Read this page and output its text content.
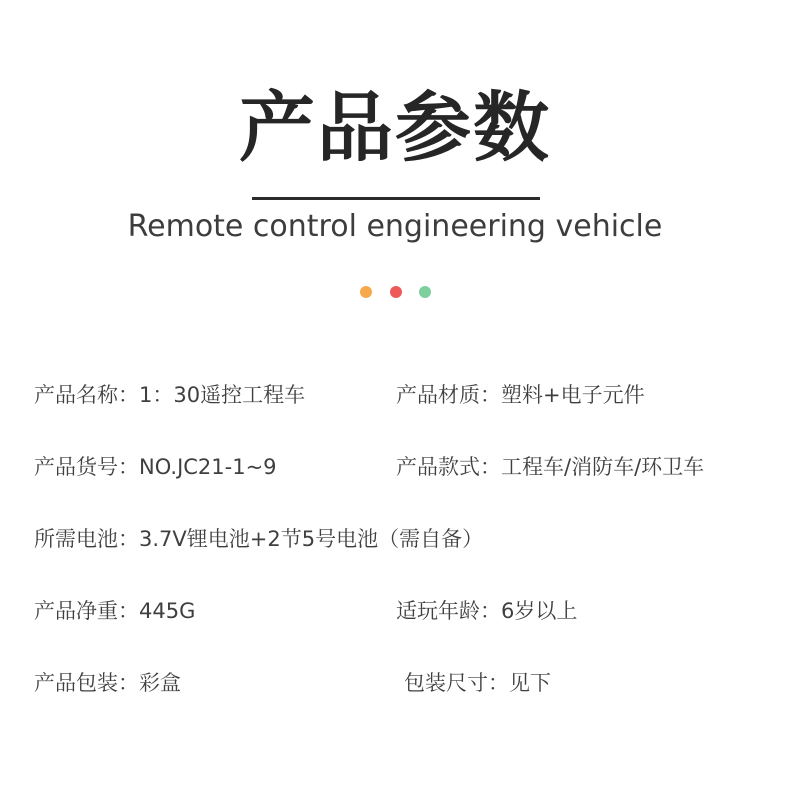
产品参数
Remote control engineering vehicle
产品名称：1：30遥控工程车	产品材质：塑料+电子元件
产品货号：NO.JC21-1~9	产品款式：工程车/消防车/环卫车
所需电池：3.7V锂电池+2节5号电池（需自备）
产品净重：445G	适玩年龄：6岁以上
产品包装：彩盒	包装尺寸：见下
